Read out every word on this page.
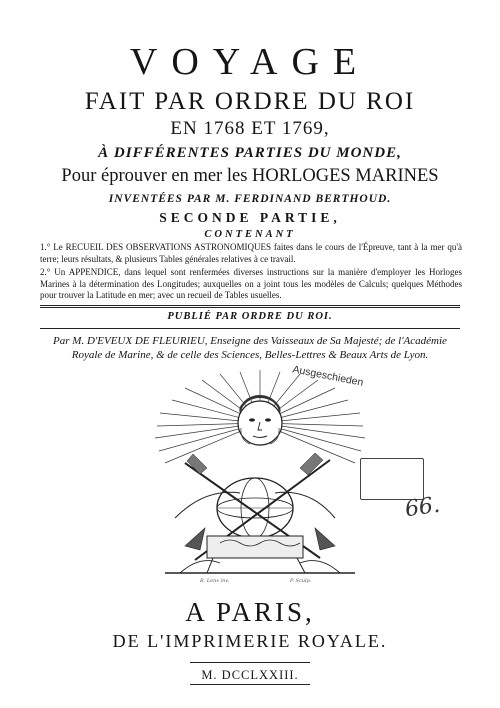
VOYAGE
FAIT PAR ORDRE DU ROI
EN 1768 ET 1769,
À DIFFÉRENTES PARTIES DU MONDE,
Pour éprouver en mer les HORLOGES MARINES
INVENTÉES PAR M. FERDINAND BERTHOUD.
SECONDE PARTIE,
CONTENANT
1.° Le RECUEIL DES OBSERVATIONS ASTRONOMIQUES faites dans le cours de l'Épreuve, tant à la mer qu'à terre; leurs résultats, & plusieurs Tables générales relatives à ce travail.
2.° Un APPENDICE, dans lequel sont renfermées diverses instructions sur la manière d'employer les Horloges Marines à la détermination des Longitudes; auxquelles on a joint tous les modèles de Calculs; quelques Méthodes pour trouver la Latitude en mer; avec un recueil de Tables usuelles.
PUBLIÉ PAR ORDRE DU ROI.
Par M. D'EVEUX DE FLEURIEU, Enseigne des Vaisseaux de Sa Majesté; de l'Académie
Royale de Marine, & de celle des Sciences, Belles-Lettres & Beaux Arts de Lyon.
B. Lens inv.	P. Sculp.
Ausgeschieden
66.
A PARIS,
DE L'IMPRIMERIE ROYALE.
M. DCCLXXIII.
